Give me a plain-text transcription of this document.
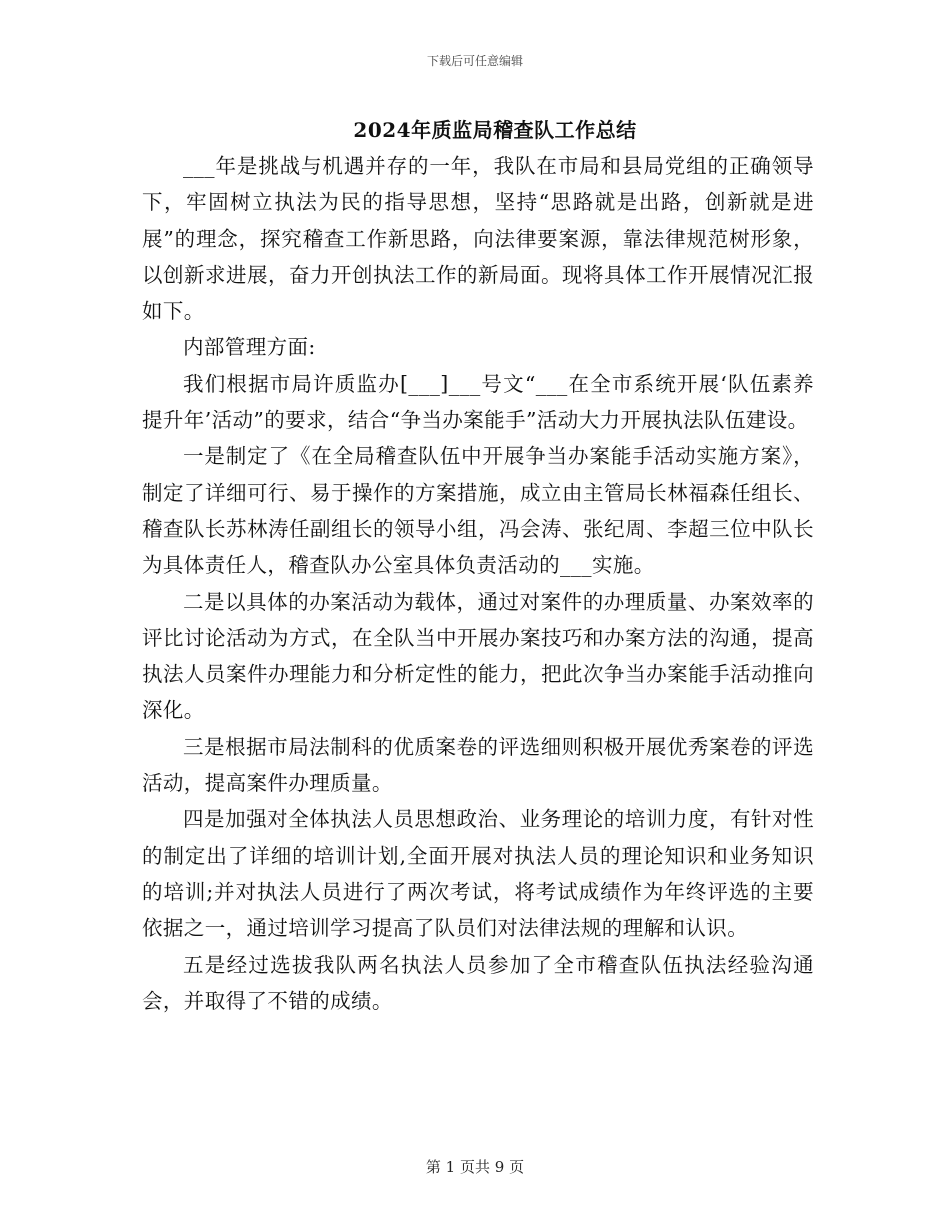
下载后可任意编辑
2024年质监局稽查队工作总结

___年是挑战与机遇并存的一年，我队在市局和县局党组的正确领导下，牢固树立执法为民的指导思想，坚持“思路就是出路，创新就是进展”的理念，探究稽查工作新思路，向法律要案源，靠法律规范树形象，以创新求进展，奋力开创执法工作的新局面。现将具体工作开展情况汇报如下。

内部管理方面:

我们根据市局许质监办[___]___号文“___在全市系统开展‘队伍素养提升年’活动”的要求，结合“争当办案能手”活动大力开展执法队伍建设。

一是制定了《在全局稽查队伍中开展争当办案能手活动实施方案》，制定了详细可行、易于操作的方案措施，成立由主管局长林福森任组长、稽查队长苏林涛任副组长的领导小组，冯会涛、张纪周、李超三位中队长为具体责任人，稽查队办公室具体负责活动的___实施。

二是以具体的办案活动为载体，通过对案件的办理质量、办案效率的评比讨论活动为方式，在全队当中开展办案技巧和办案方法的沟通，提高执法人员案件办理能力和分析定性的能力，把此次争当办案能手活动推向深化。

三是根据市局法制科的优质案卷的评选细则积极开展优秀案卷的评选活动，提高案件办理质量。

四是加强对全体执法人员思想政治、业务理论的培训力度，有针对性的制定出了详细的培训计划,全面开展对执法人员的理论知识和业务知识的培训;并对执法人员进行了两次考试，将考试成绩作为年终评选的主要依据之一，通过培训学习提高了队员们对法律法规的理解和认识。

五是经过选拔我队两名执法人员参加了全市稽查队伍执法经验沟通会，并取得了不错的成绩。

第 1 页共 9 页
